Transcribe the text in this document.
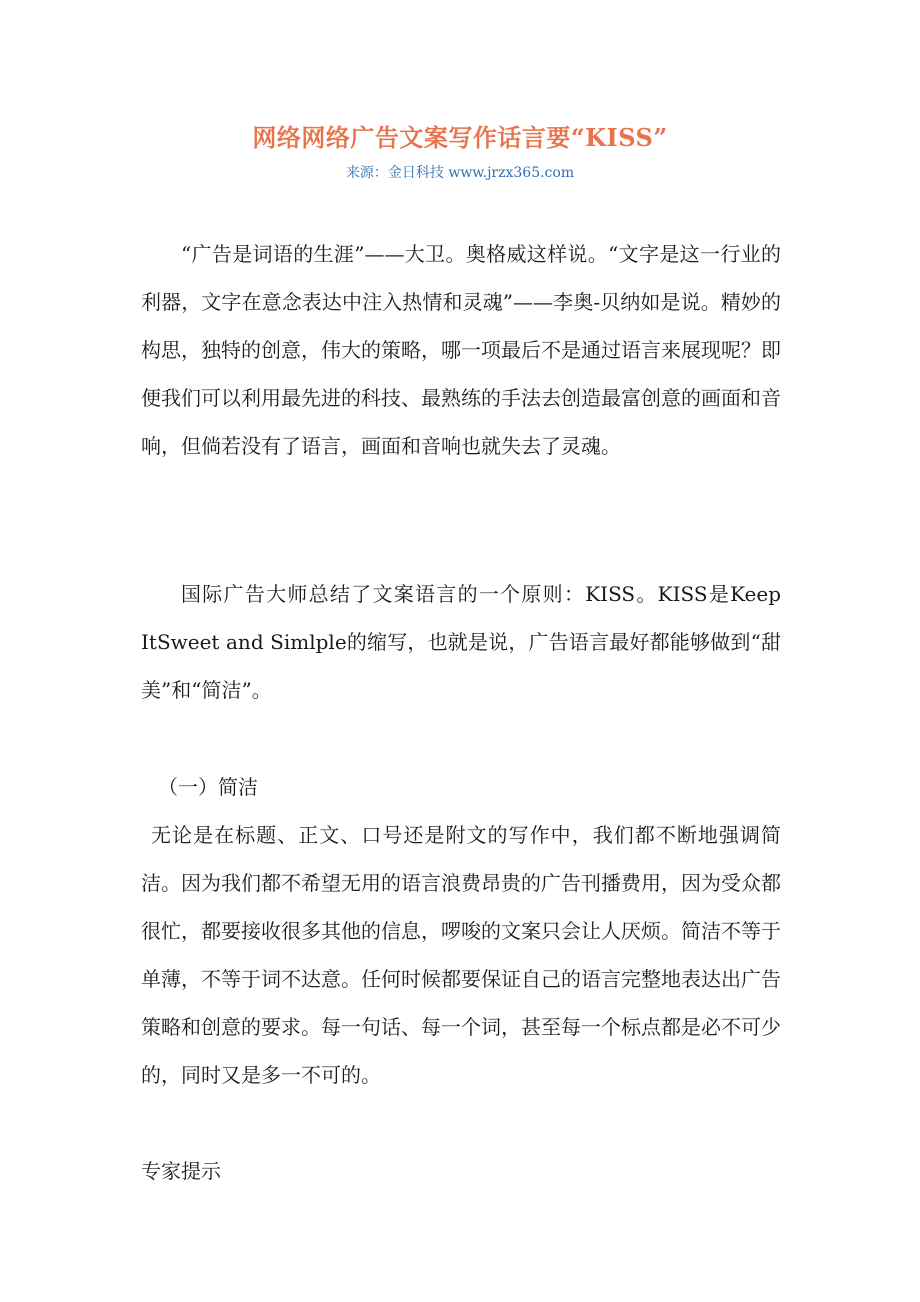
网络网络广告文案写作话言要“KISS”
来源：金日科技 www.jrzx365.com

“广告是词语的生涯”——大卫。奥格威这样说。“文字是这一行业的利器，文字在意念表达中注入热情和灵魂”——李奥-贝纳如是说。精妙的构思，独特的创意，伟大的策略，哪一项最后不是通过语言来展现呢？即便我们可以利用最先进的科技、最熟练的手法去创造最富创意的画面和音响，但倘若没有了语言，画面和音响也就失去了灵魂。

国际广告大师总结了文案语言的一个原则：KISS。KISS是Keep ItSweet and Simlple的缩写，也就是说，广告语言最好都能够做到“甜美”和“简洁”。

（一）简洁

无论是在标题、正文、口号还是附文的写作中，我们都不断地强调简洁。因为我们都不希望无用的语言浪费昂贵的广告刊播费用，因为受众都很忙，都要接收很多其他的信息，啰唆的文案只会让人厌烦。简洁不等于单薄，不等于词不达意。任何时候都要保证自己的语言完整地表达出广告策略和创意的要求。每一句话、每一个词，甚至每一个标点都是必不可少的，同时又是多一不可的。

专家提示
